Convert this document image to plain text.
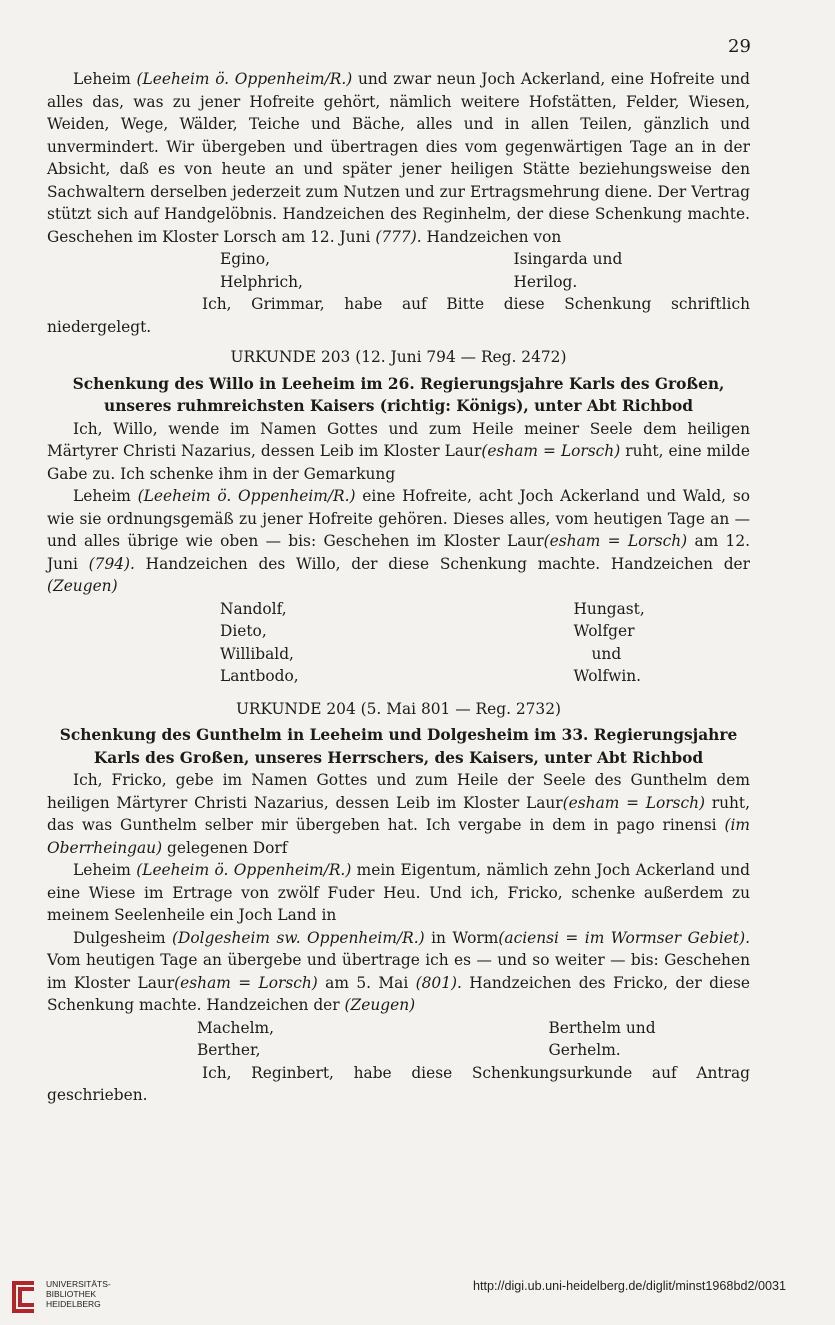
29

Leheim (Leeheim ö. Oppenheim/R.) und zwar neun Joch Ackerland, eine Hofreite und alles das, was zu jener Hofreite gehört, nämlich weitere Hofstätten, Felder, Wiesen, Weiden, Wege, Wälder, Teiche und Bäche, alles und in allen Teilen, gänzlich und unvermindert. Wir übergeben und übertragen dies vom gegenwärtigen Tage an in der Absicht, daß es von heute an und später jener heiligen Stätte beziehungsweise den Sachwaltern derselben jederzeit zum Nutzen und zur Ertragsmehrung diene. Der Vertrag stützt sich auf Handgelöbnis. Handzeichen des Reginhelm, der diese Schenkung machte. Geschehen im Kloster Lorsch am 12. Juni (777). Handzeichen von

Egino,	Isingarda und
Helphrich,	Herilog.

Ich, Grimmar, habe auf Bitte diese Schenkung schriftlich niedergelegt.

URKUNDE 203 (12. Juni 794 — Reg. 2472)
Schenkung des Willo in Leeheim im 26. Regierungsjahre Karls des Großen, unseres ruhmreichsten Kaisers (richtig: Königs), unter Abt Richbod

Ich, Willo, wende im Namen Gottes und zum Heile meiner Seele dem heiligen Märtyrer Christi Nazarius, dessen Leib im Kloster Laur(esham = Lorsch) ruht, eine milde Gabe zu. Ich schenke ihm in der Gemarkung

Leheim (Leeheim ö. Oppenheim/R.) eine Hofreite, acht Joch Ackerland und Wald, so wie sie ordnungsgemäß zu jener Hofreite gehören. Dieses alles, vom heutigen Tage an — und alles übrige wie oben — bis: Geschehen im Kloster Laur(esham = Lorsch) am 12. Juni (794). Handzeichen des Willo, der diese Schenkung machte. Handzeichen der (Zeugen)

Nandolf,	Hungast,
Dieto,	Wolfger
Willibald,	und
Lantbodo,	Wolfwin.
URKUNDE 204 (5. Mai 801 — Reg. 2732)
Schenkung des Gunthelm in Leeheim und Dolgesheim im 33. Regierungsjahre
Karls des Großen, unseres Herrschers, des Kaisers, unter Abt Richbod

Ich, Fricko, gebe im Namen Gottes und zum Heile der Seele des Gunthelm dem heiligen Märtyrer Christi Nazarius, dessen Leib im Kloster Laur(esham = Lorsch) ruht, das was Gunthelm selber mir übergeben hat. Ich vergabe in dem in pago rinensi (im Oberrheingau) gelegenen Dorf

Leheim (Leeheim ö. Oppenheim/R.) mein Eigentum, nämlich zehn Joch Ackerland und eine Wiese im Ertrage von zwölf Fuder Heu. Und ich, Fricko, schenke außerdem zu meinem Seelenheile ein Joch Land in

Dulgesheim (Dolgesheim sw. Oppenheim/R.) in Worm(aciensi = im Wormser Gebiet). Vom heutigen Tage an übergebe und übertrage ich es — und so weiter — bis: Geschehen im Kloster Laur(esham = Lorsch) am 5. Mai (801). Handzeichen des Fricko, der diese Schenkung machte. Handzeichen der (Zeugen)

Machelm,	Berthelm und
Berther,	Gerhelm.

Ich, Reginbert, habe diese Schenkungsurkunde auf Antrag geschrieben.

UNIVERSITÄTS-
BIBLIOTHEK
HEIDELBERG
http://digi.ub.uni-heidelberg.de/diglit/minst1968bd2/0031
